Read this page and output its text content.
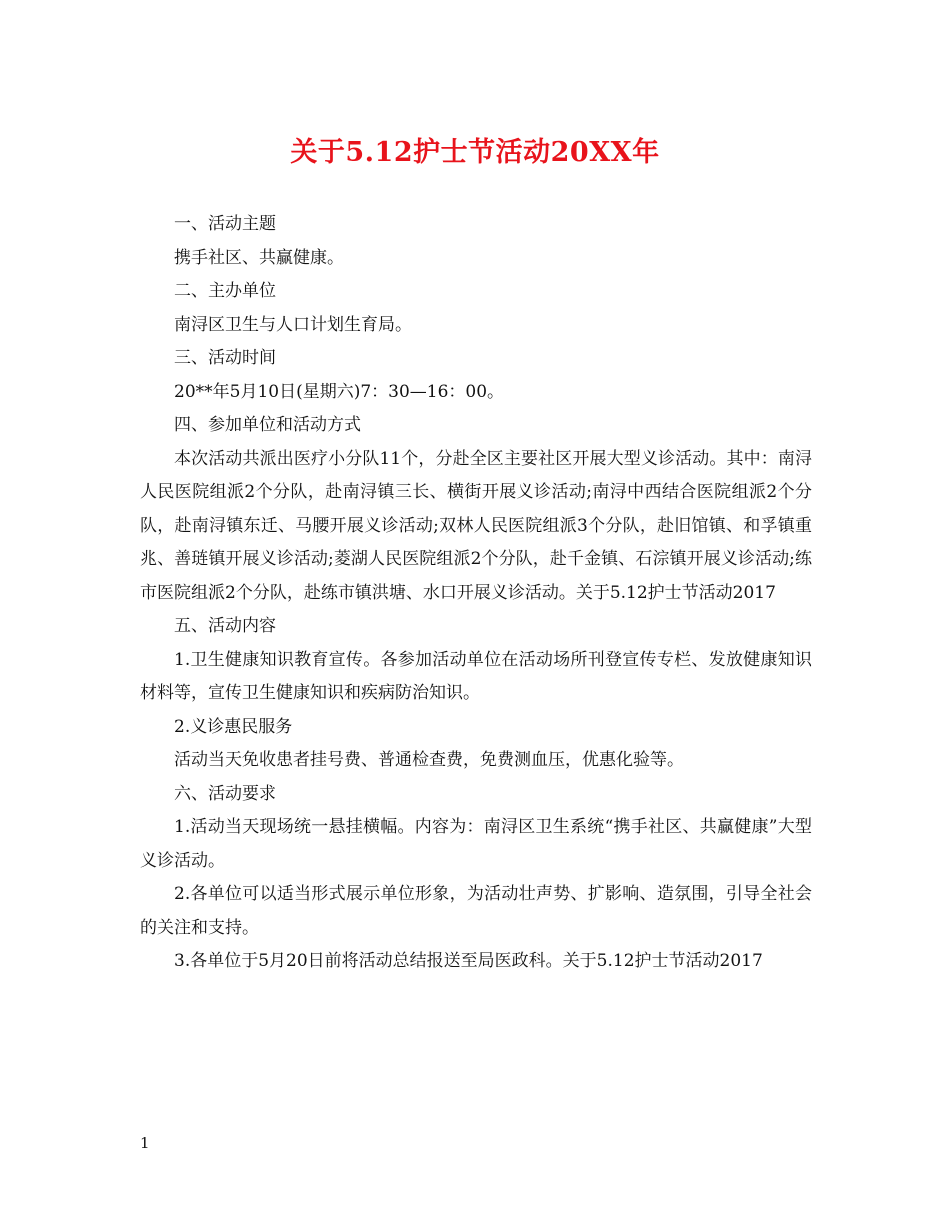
关于5.12护士节活动20XX年

一、活动主题

携手社区、共赢健康。

二、主办单位

南浔区卫生与人口计划生育局。

三、活动时间

20**年5月10日(星期六)7：30—16：00。

四、参加单位和活动方式

本次活动共派出医疗小分队11个，分赴全区主要社区开展大型义诊活动。其中：南浔人民医院组派2个分队，赴南浔镇三长、横街开展义诊活动;南浔中西结合医院组派2个分队，赴南浔镇东迁、马腰开展义诊活动;双林人民医院组派3个分队，赴旧馆镇、和孚镇重兆、善琏镇开展义诊活动;菱湖人民医院组派2个分队，赴千金镇、石淙镇开展义诊活动;练市医院组派2个分队，赴练市镇洪塘、水口开展义诊活动。关于5.12护士节活动2017

五、活动内容

1.卫生健康知识教育宣传。各参加活动单位在活动场所刊登宣传专栏、发放健康知识材料等，宣传卫生健康知识和疾病防治知识。

2.义诊惠民服务

活动当天免收患者挂号费、普通检查费，免费测血压，优惠化验等。

六、活动要求

1.活动当天现场统一悬挂横幅。内容为：南浔区卫生系统“携手社区、共赢健康”大型义诊活动。

2.各单位可以适当形式展示单位形象，为活动壮声势、扩影响、造氛围，引导全社会的关注和支持。

3.各单位于5月20日前将活动总结报送至局医政科。关于5.12护士节活动2017

1
